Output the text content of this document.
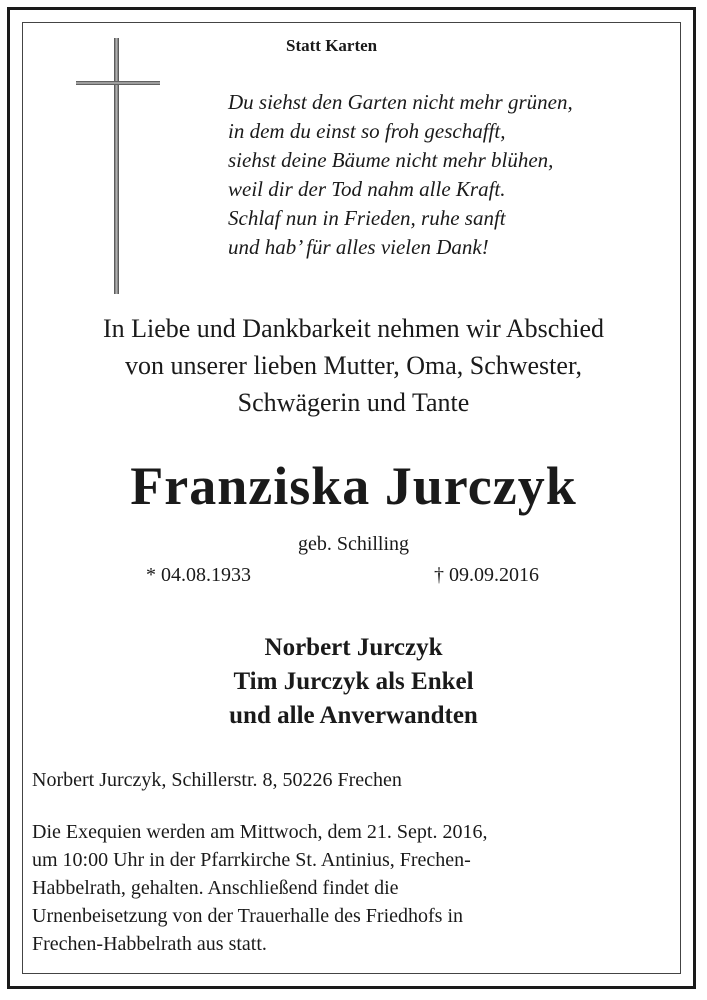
Statt Karten
Du siehst den Garten nicht mehr grünen,
in dem du einst so froh geschafft,
siehst deine Bäume nicht mehr blühen,
weil dir der Tod nahm alle Kraft.
Schlaf nun in Frieden, ruhe sanft
und hab’ für alles vielen Dank!
In Liebe und Dankbarkeit nehmen wir Abschied
von unserer lieben Mutter, Oma, Schwester,
Schwägerin und Tante
Franziska Jurczyk
geb. Schilling
* 04.08.1933	† 09.09.2016
Norbert Jurczyk
Tim Jurczyk als Enkel
und alle Anverwandten
Norbert Jurczyk, Schillerstr. 8, 50226 Frechen
Die Exequien werden am Mittwoch, dem 21. Sept. 2016,
um 10:00 Uhr in der Pfarrkirche St. Antinius, Frechen-
Habbelrath, gehalten. Anschließend findet die
Urnenbeisetzung von der Trauerhalle des Friedhofs in
Frechen-Habbelrath aus statt.
